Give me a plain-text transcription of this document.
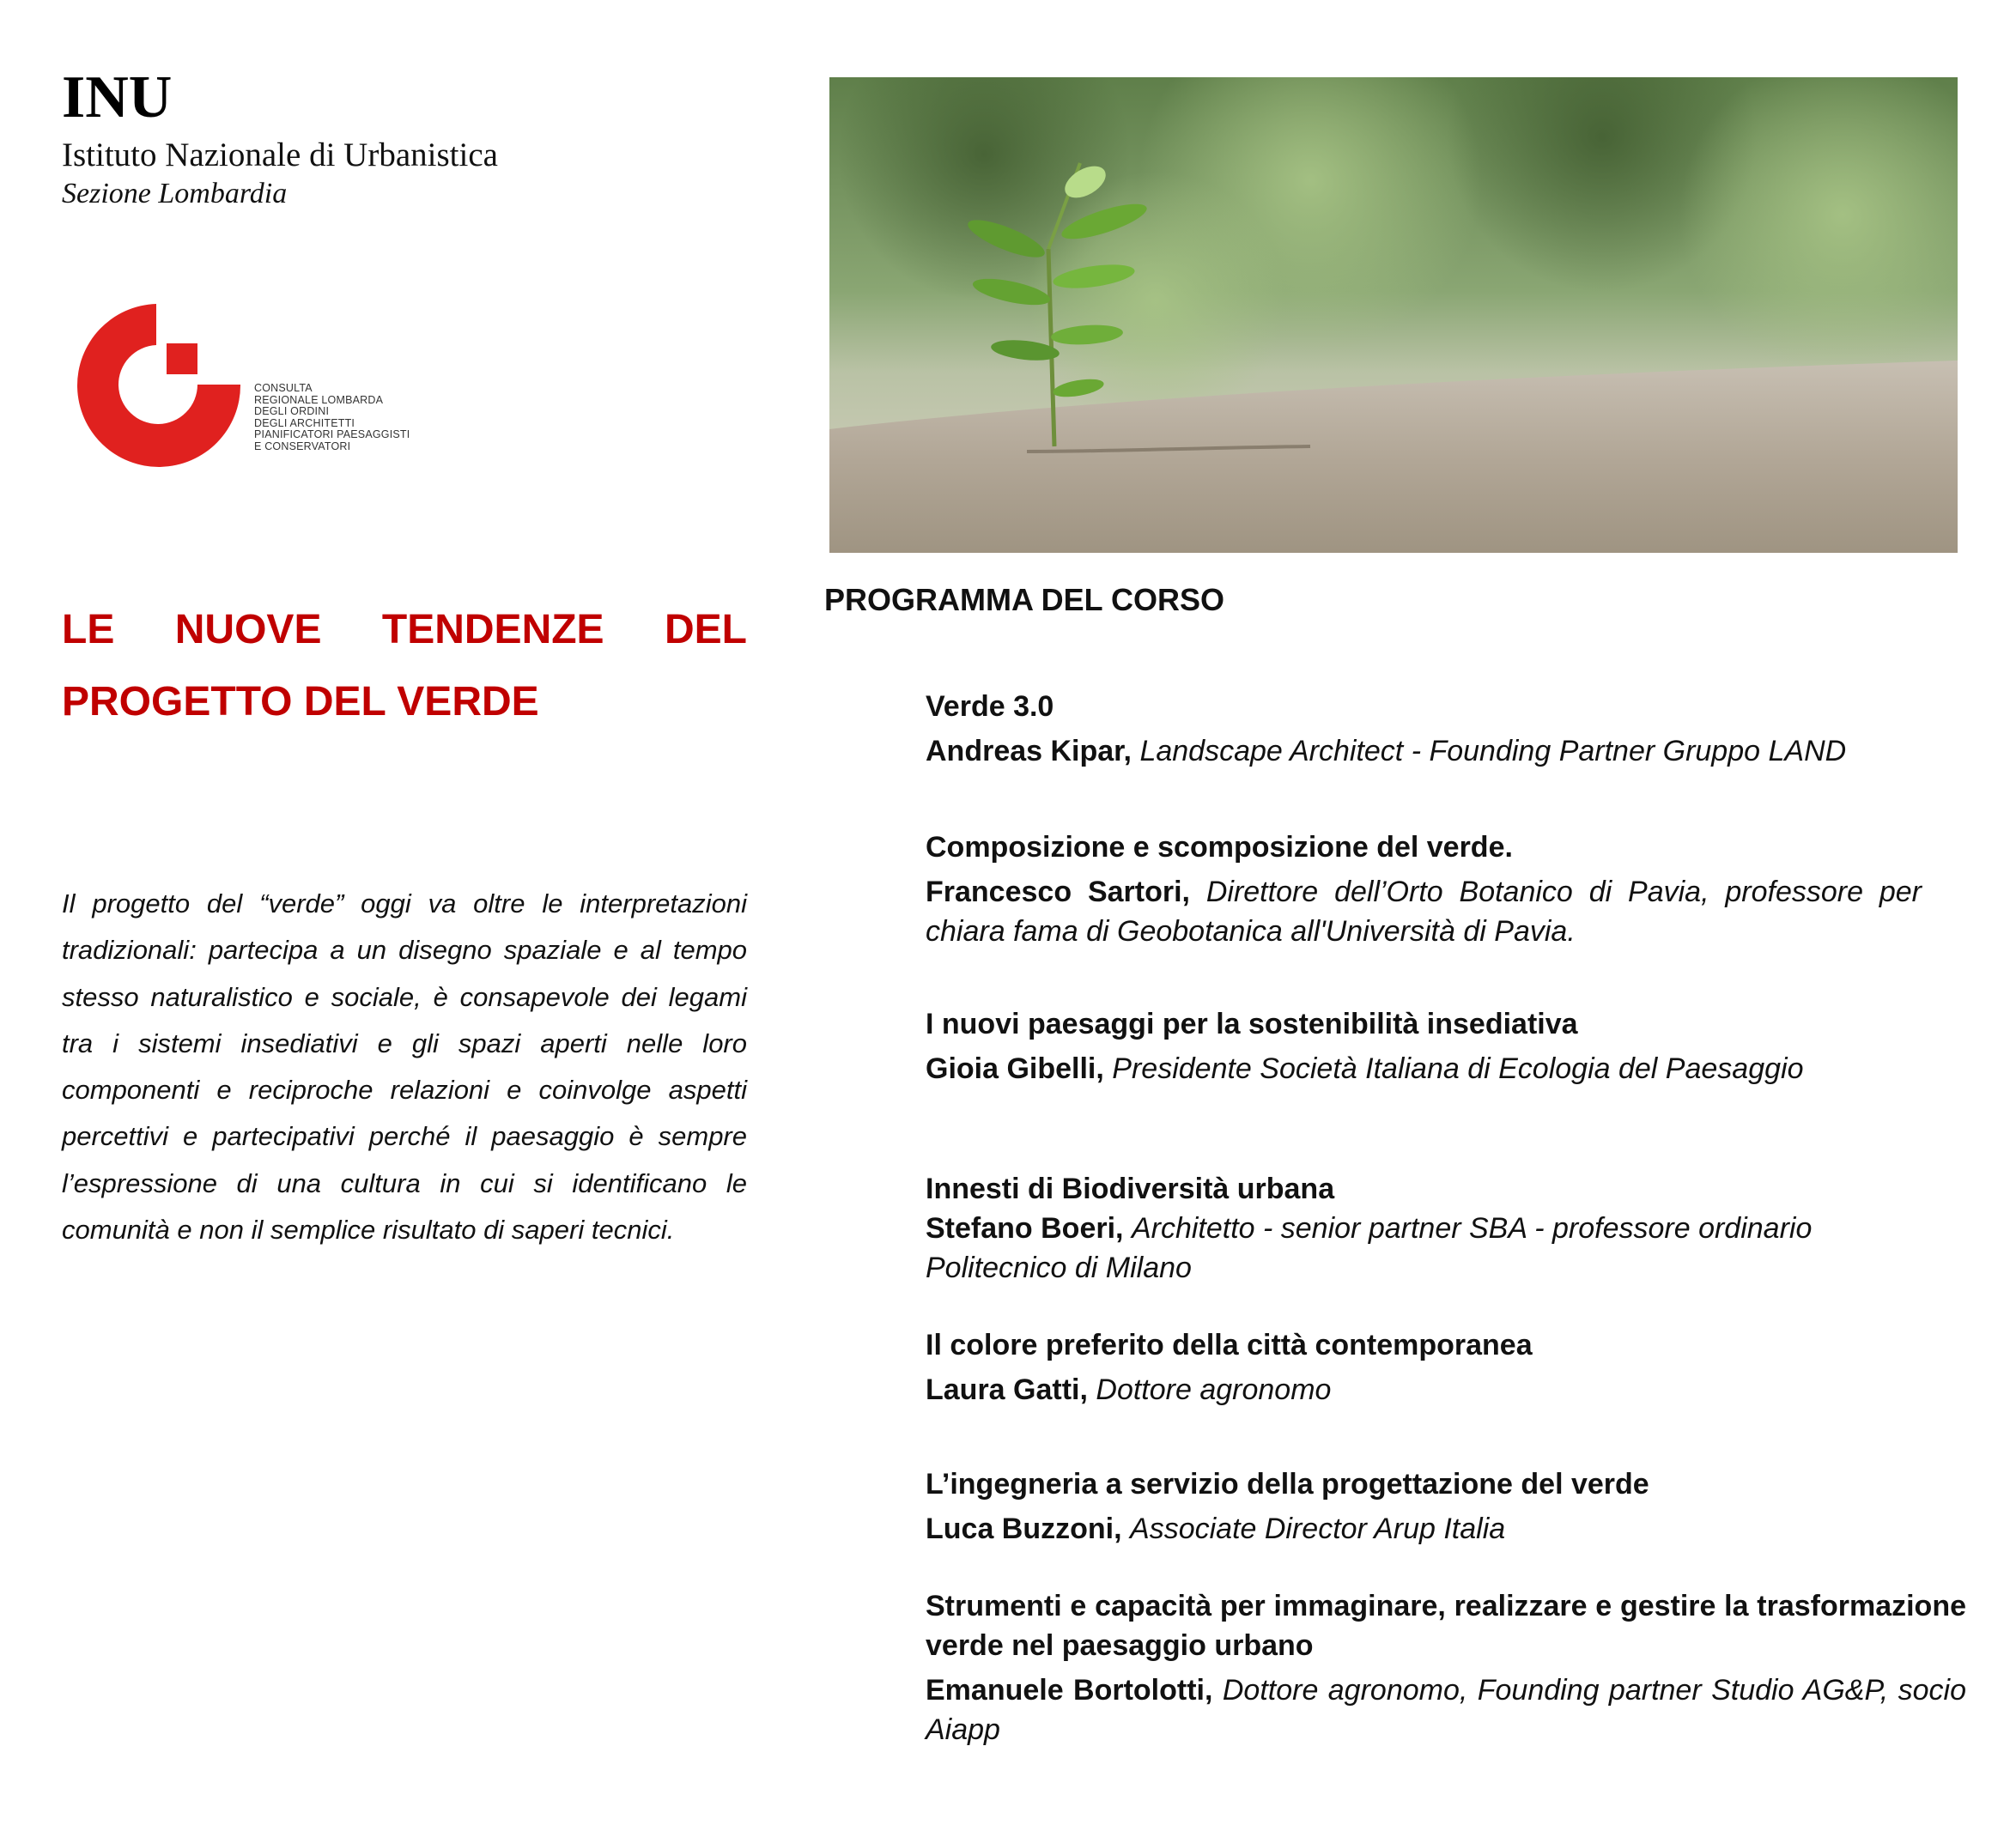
INU
Istituto Nazionale di Urbanistica
Sezione Lombardia
CONSULTA
REGIONALE LOMBARDA
DEGLI ORDINI
DEGLI ARCHITETTI
PIANIFICATORI PAESAGGISTI
E CONSERVATORI
LE NUOVE TENDENZE DEL
PROGETTO DEL VERDE
Il progetto del “verde” oggi va oltre le interpretazioni tradizionali: partecipa a un disegno spaziale e al tempo stesso naturalistico e sociale, è consapevole dei legami tra i sistemi insediativi e gli spazi aperti nelle loro componenti e reciproche relazioni e coinvolge aspetti percettivi e partecipativi perché il paesaggio è sempre l’espressione di una cultura in cui si identificano le comunità e non il semplice risultato di saperi tecnici.
PROGRAMMA DEL CORSO
Verde 3.0
Andreas Kipar, Landscape Architect - Founding Partner Gruppo LAND
Composizione e scomposizione del verde.
Francesco Sartori, Direttore dell’Orto Botanico di Pavia, professore per chiara fama di Geobotanica all'Università di Pavia.
I nuovi paesaggi per la sostenibilità insediativa
Gioia Gibelli, Presidente Società Italiana di Ecologia del Paesaggio
Innesti di Biodiversità urbana
Stefano Boeri, Architetto - senior partner SBA - professore ordinario Politecnico di Milano
Il colore preferito della città contemporanea
Laura Gatti, Dottore agronomo
L’ingegneria a servizio della progettazione del verde
Luca Buzzoni, Associate Director Arup Italia
Strumenti e capacità per immaginare, realizzare e gestire la trasformazione verde nel paesaggio urbano
Emanuele Bortolotti, Dottore agronomo, Founding partner Studio AG&P, socio Aiapp
